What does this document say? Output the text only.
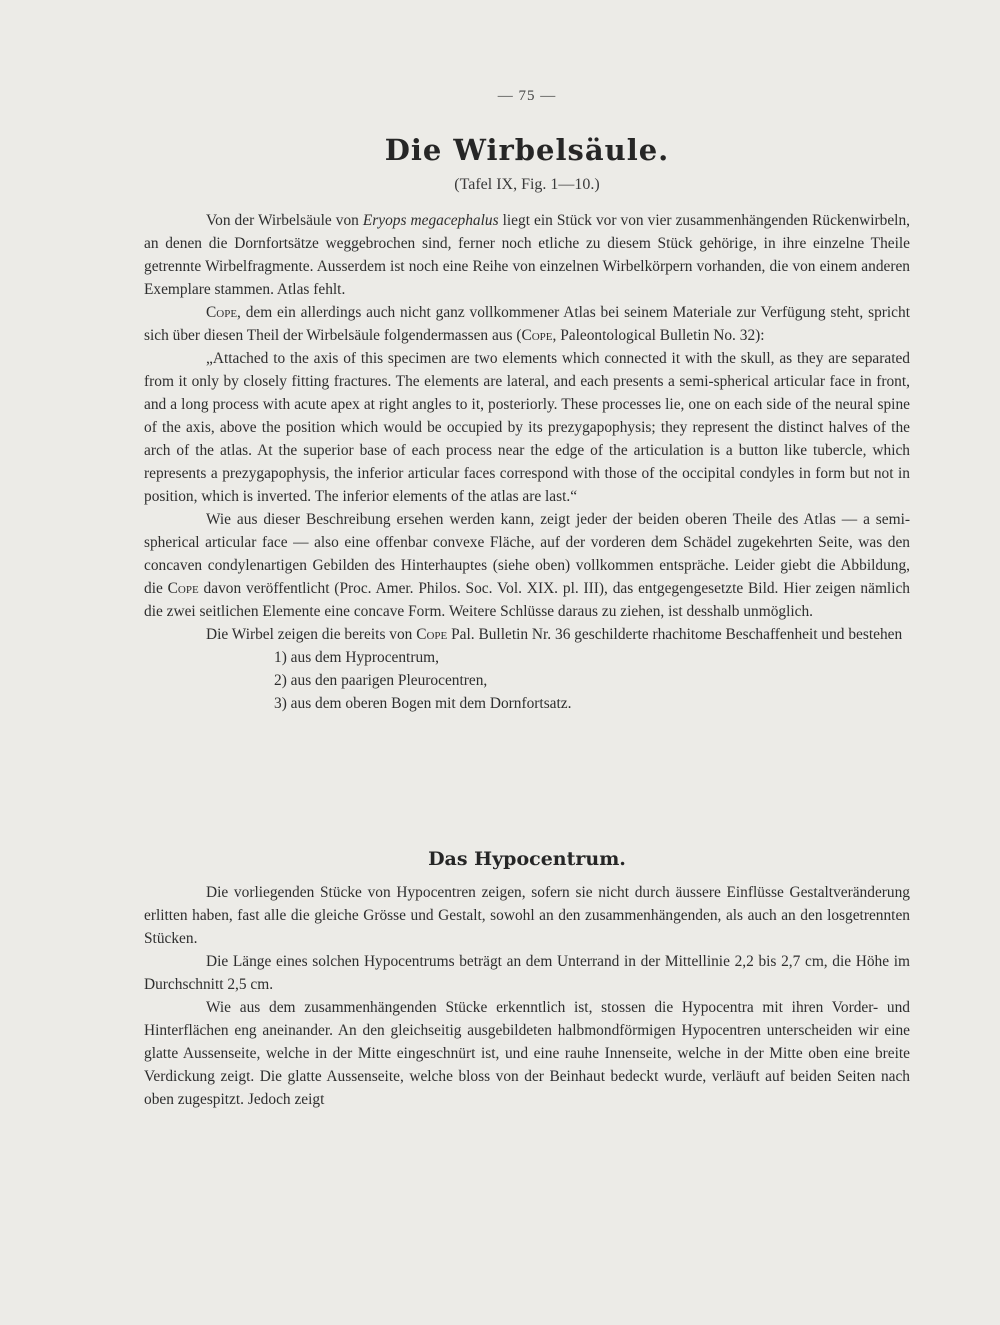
— 75 —
Die Wirbelsäule.
(Tafel IX, Fig. 1—10.)

Von der Wirbelsäule von Eryops megacephalus liegt ein Stück vor von vier zusammenhängenden Rückenwirbeln, an denen die Dornfortsätze weggebrochen sind, ferner noch etliche zu diesem Stück gehörige, in ihre einzelne Theile getrennte Wirbelfragmente. Ausserdem ist noch eine Reihe von einzelnen Wirbelkörpern vorhanden, die von einem anderen Exemplare stammen. Atlas fehlt.

Cope, dem ein allerdings auch nicht ganz vollkommener Atlas bei seinem Materiale zur Verfügung steht, spricht sich über diesen Theil der Wirbelsäule folgendermassen aus (Cope, Paleontological Bulletin No. 32):

„Attached to the axis of this specimen are two elements which connected it with the skull, as they are separated from it only by closely fitting fractures. The elements are lateral, and each presents a semi-spherical articular face in front, and a long process with acute apex at right angles to it, posteriorly. These processes lie, one on each side of the neural spine of the axis, above the position which would be occupied by its prezygapophysis; they represent the distinct halves of the arch of the atlas. At the superior base of each process near the edge of the articulation is a button like tubercle, which represents a prezygapophysis, the inferior articular faces correspond with those of the occipital condyles in form but not in position, which is inverted. The inferior elements of the atlas are last.“

Wie aus dieser Beschreibung ersehen werden kann, zeigt jeder der beiden oberen Theile des Atlas — a semi-spherical articular face — also eine offenbar convexe Fläche, auf der vorderen dem Schädel zugekehrten Seite, was den concaven condylenartigen Gebilden des Hinterhauptes (siehe oben) vollkommen entspräche. Leider giebt die Abbildung, die Cope davon veröffentlicht (Proc. Amer. Philos. Soc. Vol. XIX. pl. III), das entgegengesetzte Bild. Hier zeigen nämlich die zwei seitlichen Elemente eine concave Form. Weitere Schlüsse daraus zu ziehen, ist desshalb unmöglich.

Die Wirbel zeigen die bereits von Cope Pal. Bulletin Nr. 36 geschilderte rhachitome Beschaffenheit und bestehen

1) aus dem Hyprocentrum,
2) aus den paarigen Pleurocentren,
3) aus dem oberen Bogen mit dem Dornfortsatz.
Das Hypocentrum.

Die vorliegenden Stücke von Hypocentren zeigen, sofern sie nicht durch äussere Einflüsse Gestaltveränderung erlitten haben, fast alle die gleiche Grösse und Gestalt, sowohl an den zusammenhängenden, als auch an den losgetrennten Stücken.

Die Länge eines solchen Hypocentrums beträgt an dem Unterrand in der Mittellinie 2,2 bis 2,7 cm, die Höhe im Durchschnitt 2,5 cm.

Wie aus dem zusammenhängenden Stücke erkenntlich ist, stossen die Hypocentra mit ihren Vorder- und Hinterflächen eng aneinander. An den gleichseitig ausgebildeten halbmondförmigen Hypocentren unterscheiden wir eine glatte Aussenseite, welche in der Mitte eingeschnürt ist, und eine rauhe Innenseite, welche in der Mitte oben eine breite Verdickung zeigt. Die glatte Aussenseite, welche bloss von der Beinhaut bedeckt wurde, verläuft auf beiden Seiten nach oben zugespitzt. Jedoch zeigt
